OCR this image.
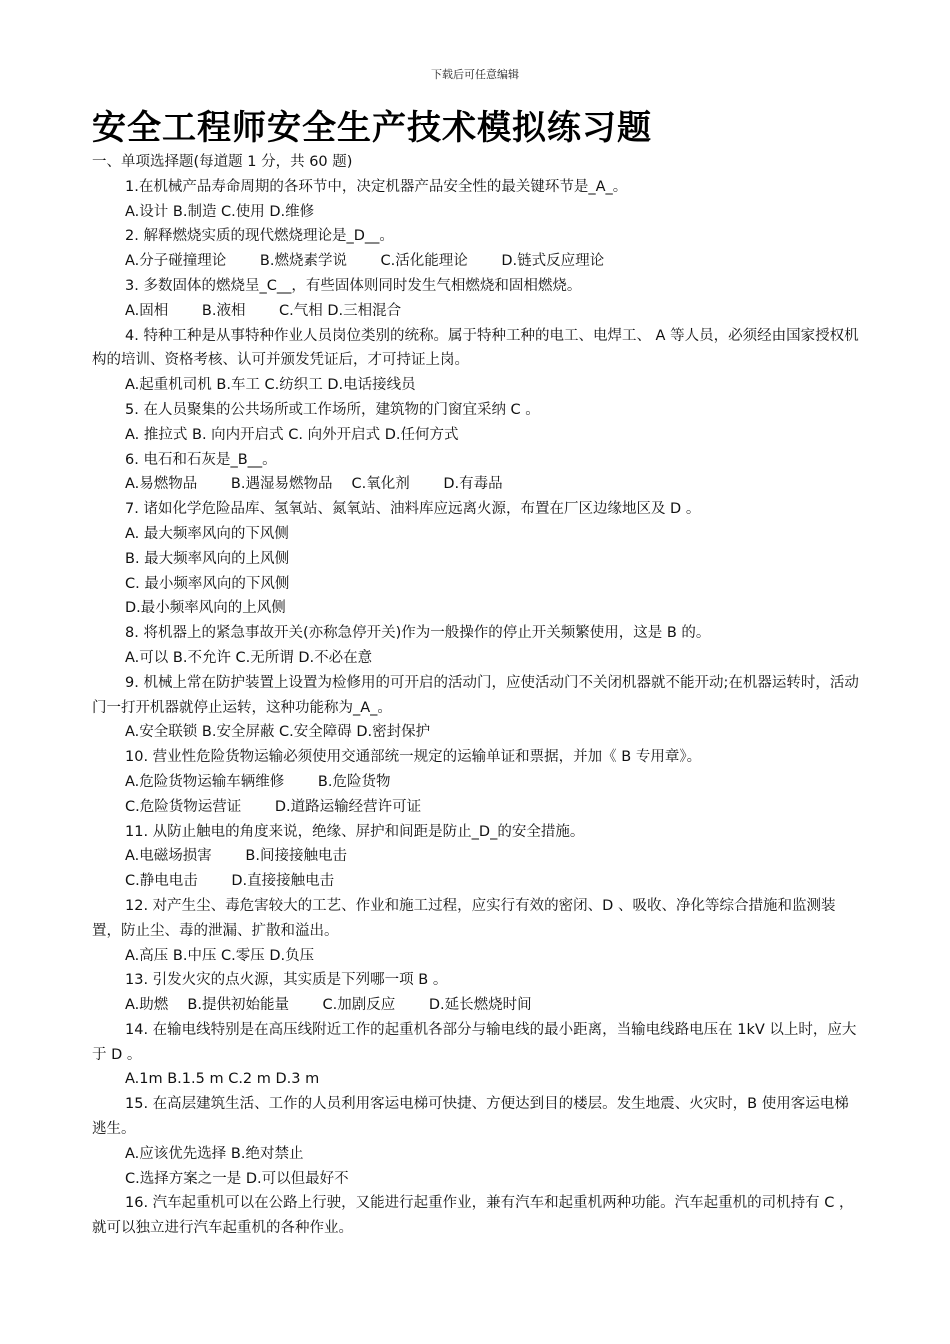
下载后可任意编辑
安全工程师安全生产技术模拟练习题
一、单项选择题(每道题 1 分，共 60 题)
1.在机械产品寿命周期的各环节中，决定机器产品安全性的最关键环节是_A_。
A.设计 B.制造 C.使用 D.维修
2. 解释燃烧实质的现代燃烧理论是_D__。
A.分子碰撞理论　　 B.燃烧素学说　　 C.活化能理论　　 D.链式反应理论
3. 多数固体的燃烧呈_C__，有些固体则同时发生气相燃烧和固相燃烧。
A.固相　　 B.液相　　 C.气相 D.三相混合
4. 特种工种是从事特种作业人员岗位类别的统称。属于特种工种的电工、电焊工、 A 等人员，必须经由国家授权机构的培训、资格考核、认可并颁发凭证后，才可持证上岗。
A.起重机司机 B.车工 C.纺织工 D.电话接线员
5. 在人员聚集的公共场所或工作场所，建筑物的门窗宜采纳 C 。
A. 推拉式 B. 向内开启式 C. 向外开启式 D.任何方式
6. 电石和石灰是_B__。
A.易燃物品　　 B.遇湿易燃物品　 C.氧化剂　　 D.有毒品
7. 诸如化学危险品库、氢氧站、氮氧站、油料库应远离火源，布置在厂区边缘地区及 D 。
A. 最大频率风向的下风侧
B. 最大频率风向的上风侧
C. 最小频率风向的下风侧
D.最小频率风向的上风侧
8. 将机器上的紧急事故开关(亦称急停开关)作为一般操作的停止开关频繁使用，这是 B 的。
A.可以 B.不允许 C.无所谓 D.不必在意
9. 机械上常在防护装置上设置为检修用的可开启的活动门，应使活动门不关闭机器就不能开动;在机器运转时，活动门一打开机器就停止运转，这种功能称为_A_。
A.安全联锁 B.安全屏蔽 C.安全障碍 D.密封保护
10. 营业性危险货物运输必须使用交通部统一规定的运输单证和票据，并加《 B 专用章》。
A.危险货物运输车辆维修　　 B.危险货物
C.危险货物运营证　　 D.道路运输经营许可证
11. 从防止触电的角度来说，绝缘、屏护和间距是防止_D_的安全措施。
A.电磁场损害　　 B.间接接触电击
C.静电电击　　 D.直接接触电击
12. 对产生尘、毒危害较大的工艺、作业和施工过程，应实行有效的密闭、D 、吸收、净化等综合措施和监测装置，防止尘、毒的泄漏、扩散和溢出。
A.高压 B.中压 C.零压 D.负压
13. 引发火灾的点火源，其实质是下列哪一项 B 。
A.助燃　 B.提供初始能量　　 C.加剧反应　　 D.延长燃烧时间
14. 在输电线特别是在高压线附近工作的起重机各部分与输电线的最小距离，当输电线路电压在 1kV 以上时，应大于 D 。
A.1m B.1.5 m C.2 m D.3 m
15. 在高层建筑生活、工作的人员利用客运电梯可快捷、方便达到目的楼层。发生地震、火灾时，B 使用客运电梯逃生。
A.应该优先选择 B.绝对禁止
C.选择方案之一是 D.可以但最好不
16. 汽车起重机可以在公路上行驶，又能进行起重作业，兼有汽车和起重机两种功能。汽车起重机的司机持有 C ，就可以独立进行汽车起重机的各种作业。
